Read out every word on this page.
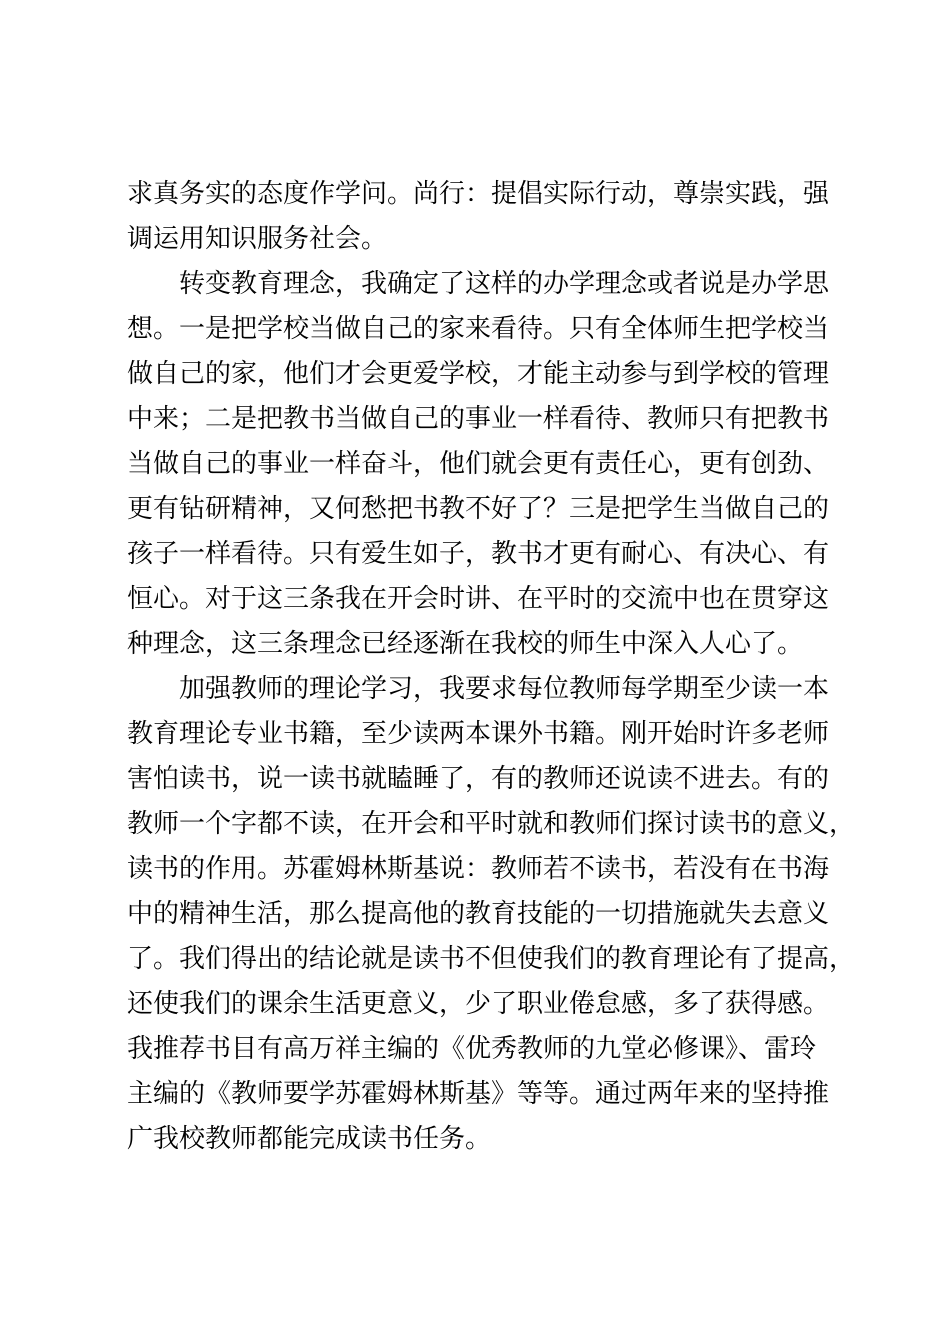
求真务实的态度作学问。尚行：提倡实际行动，尊崇实践，强
调运用知识服务社会。
　　转变教育理念，我确定了这样的办学理念或者说是办学思
想。一是把学校当做自己的家来看待。只有全体师生把学校当
做自己的家，他们才会更爱学校，才能主动参与到学校的管理
中来；二是把教书当做自己的事业一样看待、教师只有把教书
当做自己的事业一样奋斗，他们就会更有责任心，更有创劲、
更有钻研精神，又何愁把书教不好了？三是把学生当做自己的
孩子一样看待。只有爱生如子，教书才更有耐心、有决心、有
恒心。对于这三条我在开会时讲、在平时的交流中也在贯穿这
种理念，这三条理念已经逐渐在我校的师生中深入人心了。
　　加强教师的理论学习，我要求每位教师每学期至少读一本
教育理论专业书籍，至少读两本课外书籍。刚开始时许多老师
害怕读书，说一读书就瞌睡了，有的教师还说读不进去。有的
教师一个字都不读，在开会和平时就和教师们探讨读书的意义，
读书的作用。苏霍姆林斯基说：教师若不读书，若没有在书海
中的精神生活，那么提高他的教育技能的一切措施就失去意义
了。我们得出的结论就是读书不但使我们的教育理论有了提高，
还使我们的课余生活更意义，少了职业倦怠感，多了获得感。
我推荐书目有高万祥主编的《优秀教师的九堂必修课》、雷玲
主编的《教师要学苏霍姆林斯基》等等。通过两年来的坚持推
广我校教师都能完成读书任务。
